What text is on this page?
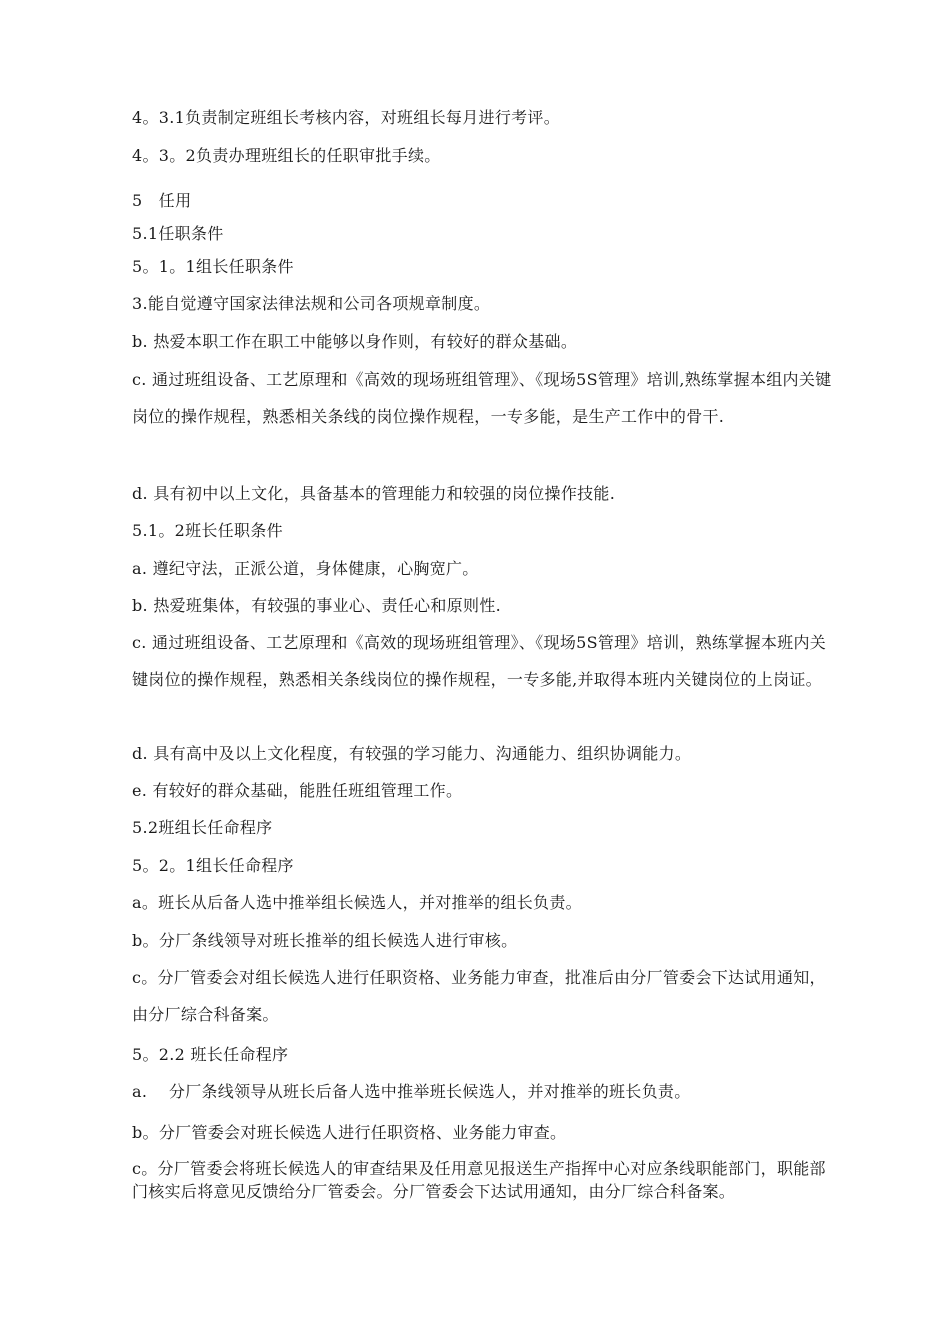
4。3.1负责制定班组长考核内容，对班组长每月进行考评。
4。3。2负责办理班组长的任职审批手续。
5　任用
5.1任职条件
5。1。1组长任职条件
3.能自觉遵守国家法律法规和公司各项规章制度。
b. 热爱本职工作在职工中能够以身作则，有较好的群众基础。
c. 通过班组设备、工艺原理和《高效的现场班组管理》、《现场5S管理》培训,熟练掌握本组内关键岗位的操作规程，熟悉相关条线的岗位操作规程，一专多能，是生产工作中的骨干.
d. 具有初中以上文化，具备基本的管理能力和较强的岗位操作技能.
5.1。2班长任职条件
a. 遵纪守法，正派公道，身体健康，心胸宽广。
b. 热爱班集体，有较强的事业心、责任心和原则性.
c. 通过班组设备、工艺原理和《高效的现场班组管理》、《现场5S管理》培训，熟练掌握本班内关键岗位的操作规程，熟悉相关条线岗位的操作规程，一专多能,并取得本班内关键岗位的上岗证。
d. 具有高中及以上文化程度，有较强的学习能力、沟通能力、组织协调能力。
e. 有较好的群众基础，能胜任班组管理工作。
5.2班组长任命程序
5。2。1组长任命程序
a。班长从后备人选中推举组长候选人，并对推举的组长负责。
b。分厂条线领导对班长推举的组长候选人进行审核。
c。分厂管委会对组长候选人进行任职资格、业务能力审查，批准后由分厂管委会下达试用通知，由分厂综合科备案。
5。2.2 班长任命程序
a.　 分厂条线领导从班长后备人选中推举班长候选人，并对推举的班长负责。
b。分厂管委会对班长候选人进行任职资格、业务能力审查。
c。分厂管委会将班长候选人的审查结果及任用意见报送生产指挥中心对应条线职能部门，职能部门核实后将意见反馈给分厂管委会。分厂管委会下达试用通知，由分厂综合科备案。
